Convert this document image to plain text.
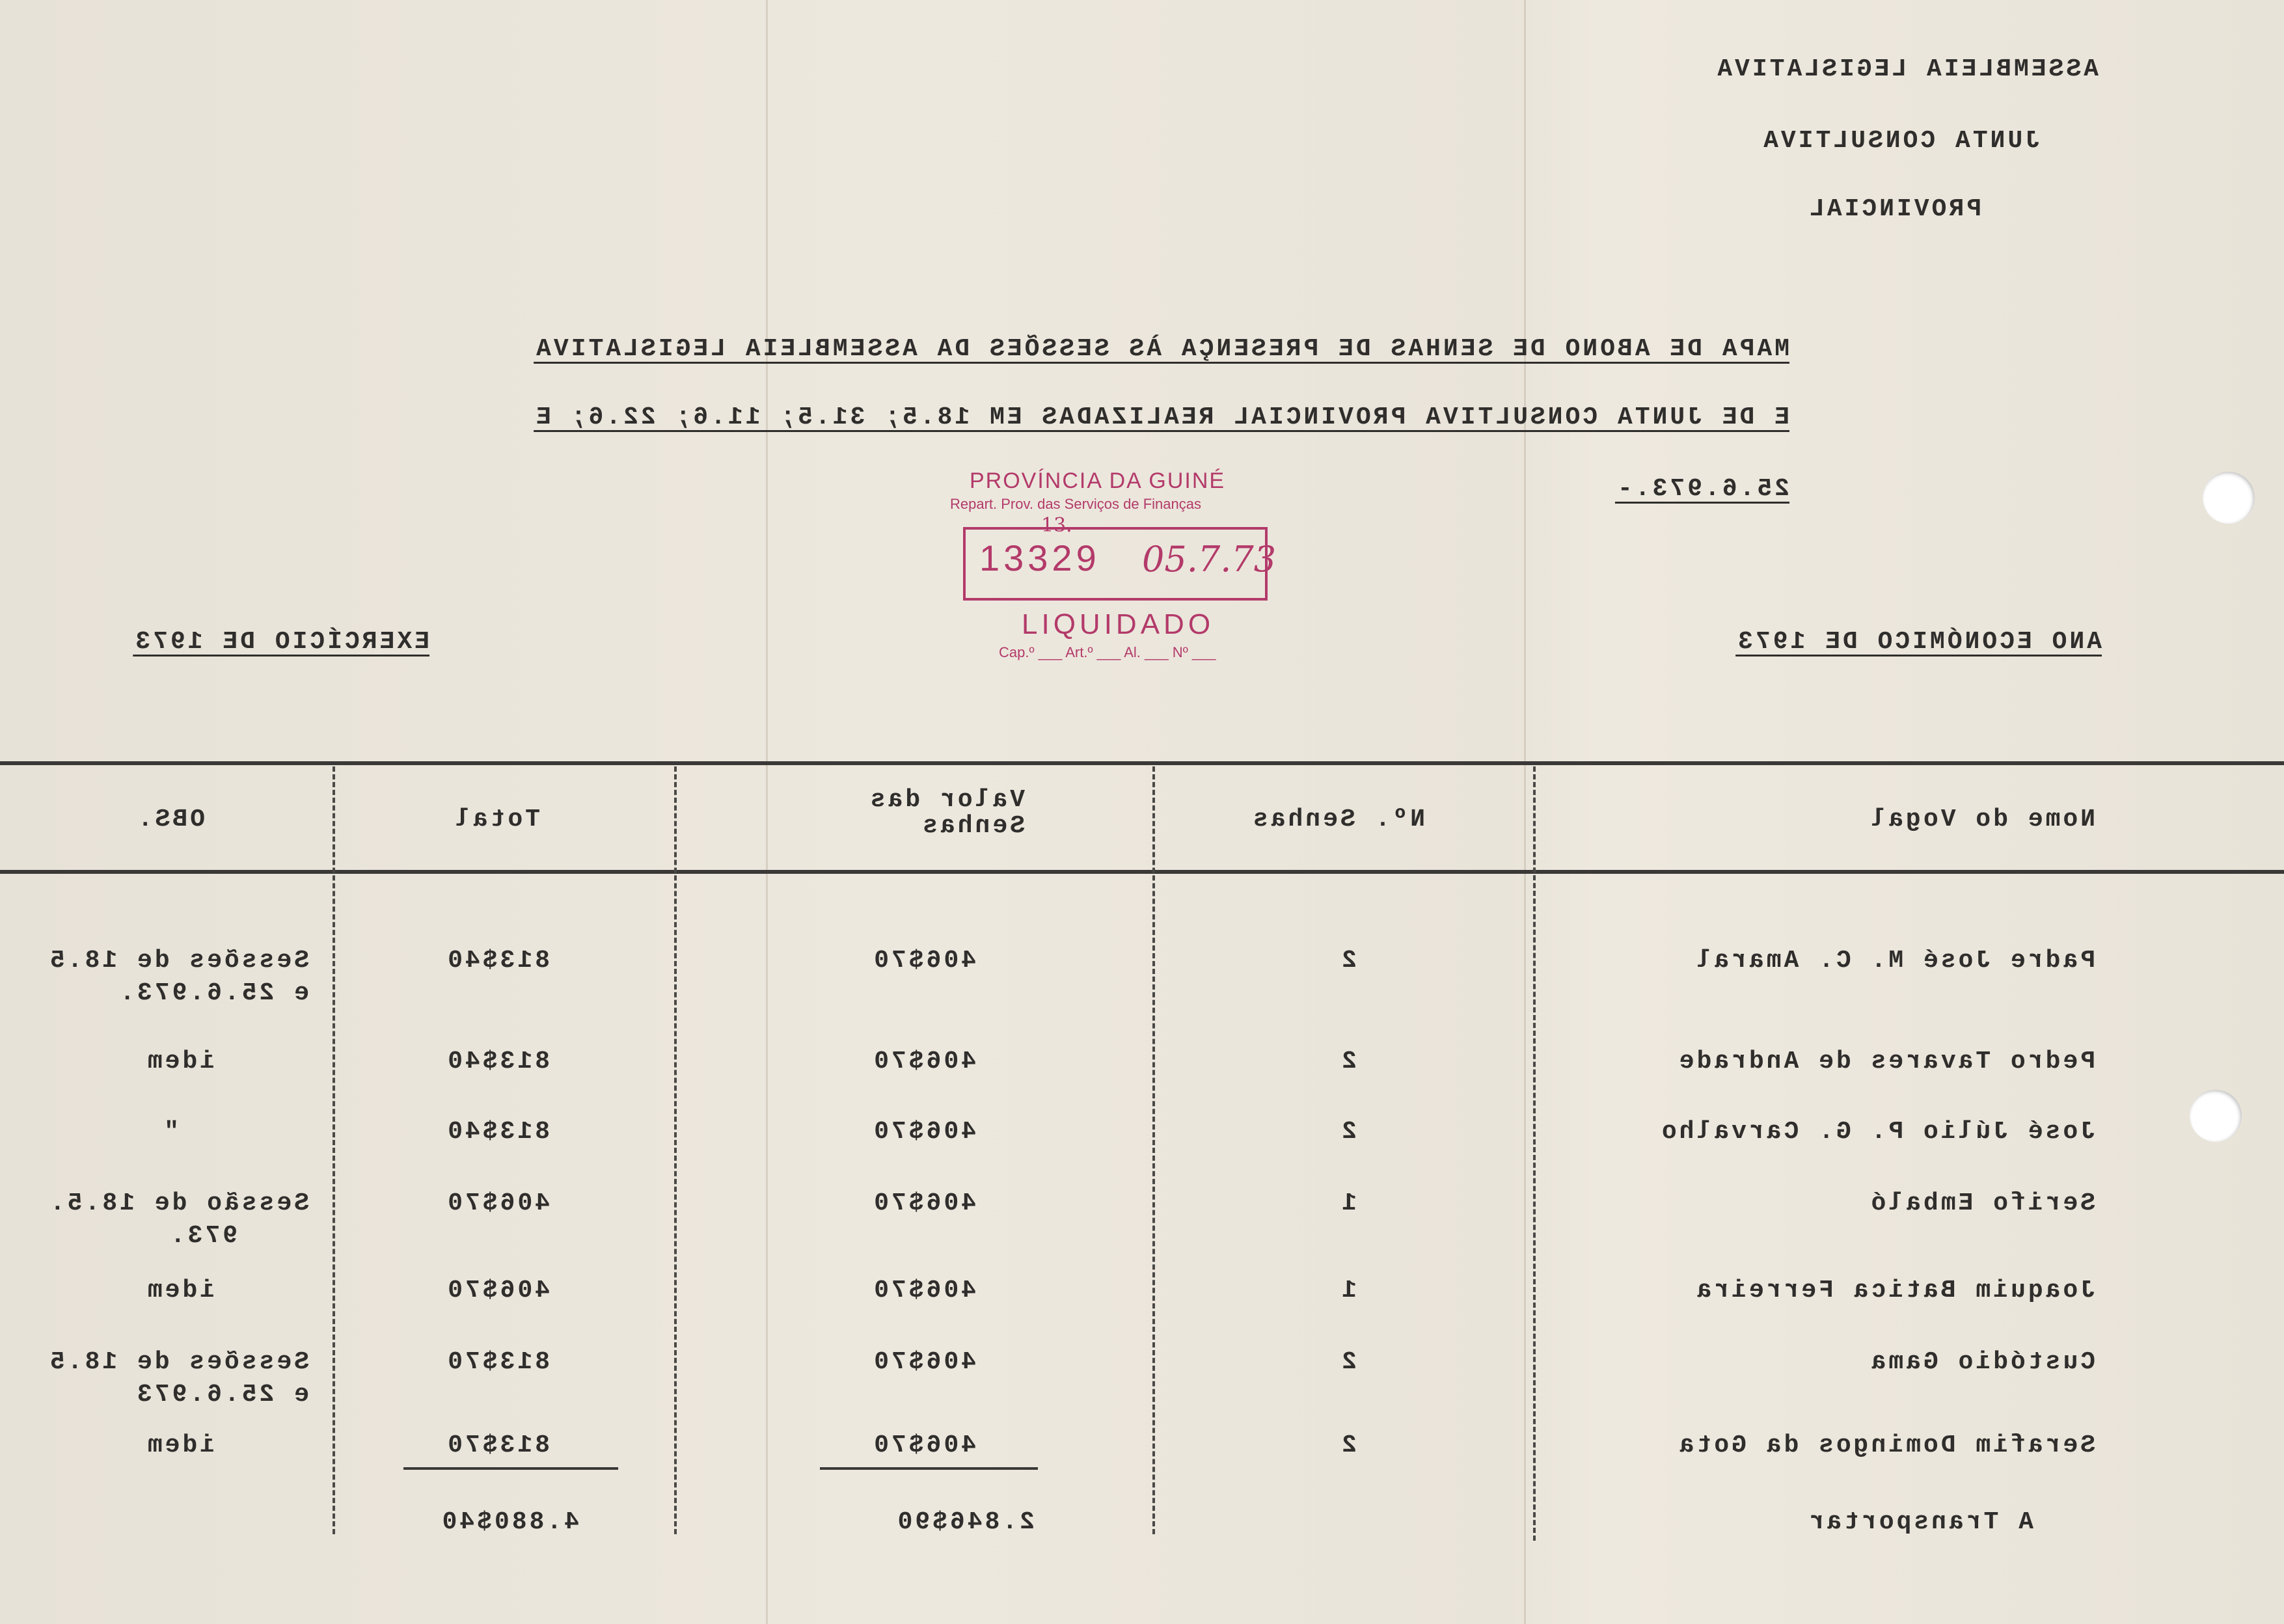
ASSEMBLEIA LEGISLATIVA
JUNTA CONSULTIVA
PROVINCIAL
MAPA DE ABONO DE SENHAS DE PRESENÇA ÀS SESSÕES DA ASSEMBLEIA LEGISLATIVA
E DE JUNTA CONSULTIVA PROVINCIAL REALIZADAS EM 18.5; 31.5; 11.6; 22.6; E
25.6.973.-
ANO ECONÓMICO DE 1973
EXERCÍCIO DE 1973
PROVÍNCIA DA GUINÉ
Repart. Prov. das Serviços de Finanças
13.
13329 05.7.73
LIQUIDADO
Cap.º ___ Art.º ___ Al. ___ Nº ___
Nome do Vogal
Nº. Senhas
Valor das
Senhas
Total
OBS.
Padre José M. C. Amaral
2
406$70
813$40
Sessões de 18.5
e 25.6.973.
Pedro Tavares de Andrade
2
406$70
813$40
idem
José Júlio P. G. Carvalho
2
406$70
813$40
"
Serifo Embaló
1
406$70
406$70
Sessão de 18.5.
973.
Joaquim Batica Ferreira
1
406$70
406$70
idem
Custódio Gama
2
406$70
813$70
Sessões de 18.5
e 25.6.973
Serafim Domingos da Gota
2
406$70
813$70
idem
A Transportar
2.846$90
4.880$40
